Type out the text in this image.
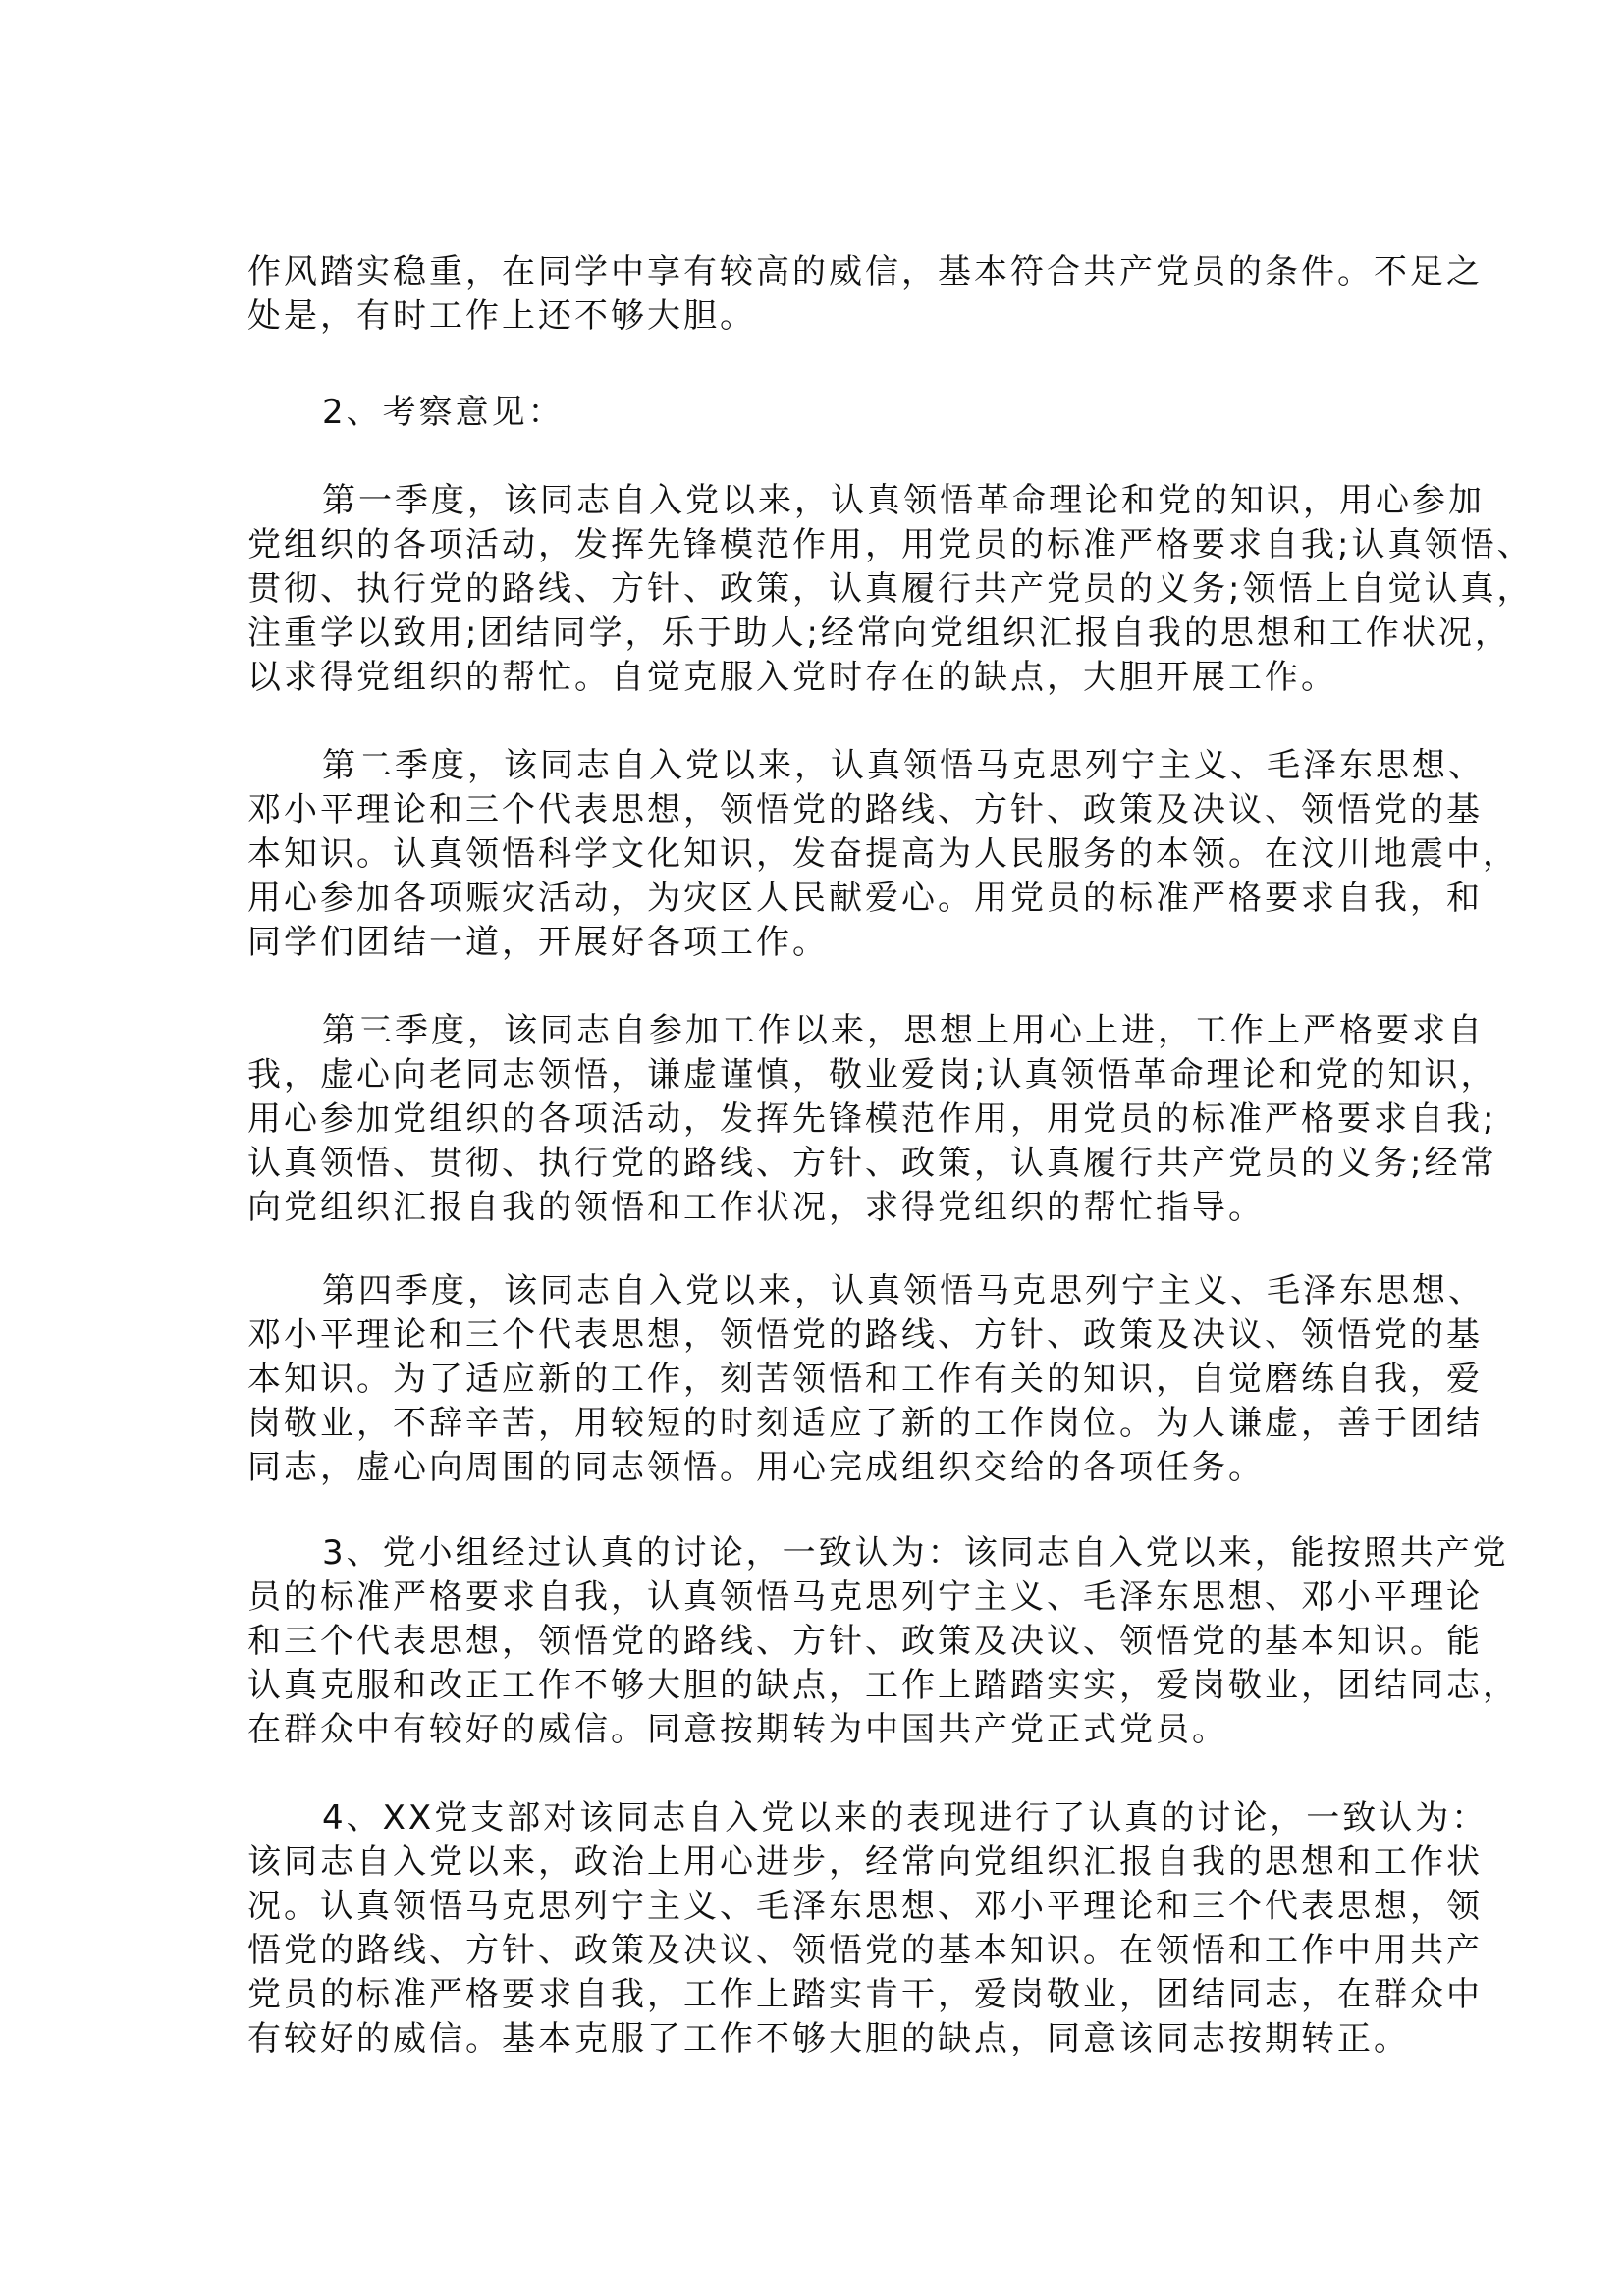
作风踏实稳重，在同学中享有较高的威信，基本符合共产党员的条件。不足之
处是，有时工作上还不够大胆。
2、考察意见：
第一季度，该同志自入党以来，认真领悟革命理论和党的知识，用心参加
党组织的各项活动，发挥先锋模范作用，用党员的标准严格要求自我;认真领悟、
贯彻、执行党的路线、方针、政策，认真履行共产党员的义务;领悟上自觉认真，
注重学以致用;团结同学，乐于助人;经常向党组织汇报自我的思想和工作状况，
以求得党组织的帮忙。自觉克服入党时存在的缺点，大胆开展工作。
第二季度，该同志自入党以来，认真领悟马克思列宁主义、毛泽东思想、
邓小平理论和三个代表思想，领悟党的路线、方针、政策及决议、领悟党的基
本知识。认真领悟科学文化知识，发奋提高为人民服务的本领。在汶川地震中，
用心参加各项赈灾活动，为灾区人民献爱心。用党员的标准严格要求自我，和
同学们团结一道，开展好各项工作。
第三季度，该同志自参加工作以来，思想上用心上进，工作上严格要求自
我，虚心向老同志领悟，谦虚谨慎，敬业爱岗;认真领悟革命理论和党的知识，
用心参加党组织的各项活动，发挥先锋模范作用，用党员的标准严格要求自我;
认真领悟、贯彻、执行党的路线、方针、政策，认真履行共产党员的义务;经常
向党组织汇报自我的领悟和工作状况，求得党组织的帮忙指导。
第四季度，该同志自入党以来，认真领悟马克思列宁主义、毛泽东思想、
邓小平理论和三个代表思想，领悟党的路线、方针、政策及决议、领悟党的基
本知识。为了适应新的工作，刻苦领悟和工作有关的知识，自觉磨练自我，爱
岗敬业，不辞辛苦，用较短的时刻适应了新的工作岗位。为人谦虚，善于团结
同志，虚心向周围的同志领悟。用心完成组织交给的各项任务。
3、党小组经过认真的讨论，一致认为：该同志自入党以来，能按照共产党
员的标准严格要求自我，认真领悟马克思列宁主义、毛泽东思想、邓小平理论
和三个代表思想，领悟党的路线、方针、政策及决议、领悟党的基本知识。能
认真克服和改正工作不够大胆的缺点，工作上踏踏实实，爱岗敬业，团结同志，
在群众中有较好的威信。同意按期转为中国共产党正式党员。
4、XX党支部对该同志自入党以来的表现进行了认真的讨论，一致认为：
该同志自入党以来，政治上用心进步，经常向党组织汇报自我的思想和工作状
况。认真领悟马克思列宁主义、毛泽东思想、邓小平理论和三个代表思想，领
悟党的路线、方针、政策及决议、领悟党的基本知识。在领悟和工作中用共产
党员的标准严格要求自我，工作上踏实肯干，爱岗敬业，团结同志，在群众中
有较好的威信。基本克服了工作不够大胆的缺点，同意该同志按期转正。
